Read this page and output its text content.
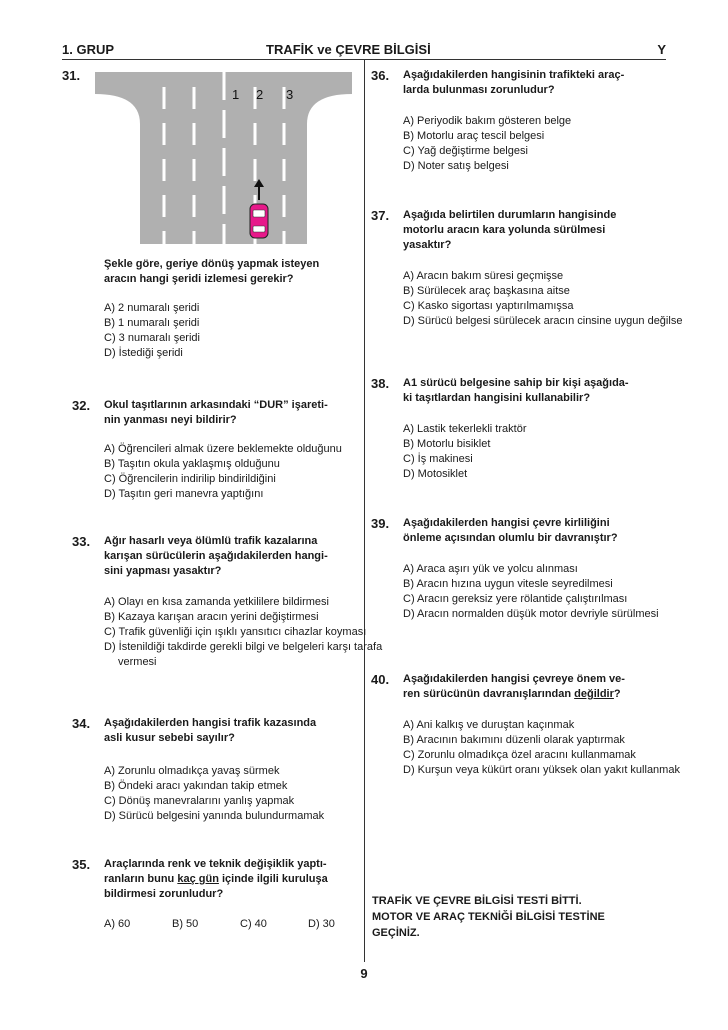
1. GRUP	TRAFİK ve ÇEVRE BİLGİSİ	Y
31.
1 2 3

Şekle göre, geriye dönüş yapmak isteyen
aracın hangi şeridi izlemesi gerekir?

A) 2 numaralı şeridi
B) 1 numaralı şeridi
C) 3 numaralı şeridi
D) İstediği şeridi
32. Okul taşıtlarının arkasındaki “DUR” işareti-
nin yanması neyi bildirir?

A) Öğrencileri almak üzere beklemekte olduğunu
B) Taşıtın okula yaklaşmış olduğunu
C) Öğrencilerin indirilip bindirildiğini
D) Taşıtın geri manevra yaptığını
33. Ağır hasarlı veya ölümlü trafik kazalarına
karışan sürücülerin aşağıdakilerden hangi-
sini yapması yasaktır?

A) Olayı en kısa zamanda yetkililere bildirmesi
B) Kazaya karışan aracın yerini değiştirmesi
C) Trafik güvenliği için ışıklı yansıtıcı cihazlar koyması
D) İstenildiği takdirde gerekli bilgi ve belgeleri karşı tarafa vermesi
34. Aşağıdakilerden hangisi trafik kazasında
asli kusur sebebi sayılır?

A) Zorunlu olmadıkça yavaş sürmek
B) Öndeki aracı yakından takip etmek
C) Dönüş manevralarını yanlış yapmak
D) Sürücü belgesini yanında bulundurmamak
35. Araçlarında renk ve teknik değişiklik yaptı-
ranların bunu kaç gün içinde ilgili kuruluşa
bildirmesi zorunludur?

A) 60	B) 50	C) 40	D) 30
36. Aşağıdakilerden hangisinin trafikteki araç-
larda bulunması zorunludur?

A) Periyodik bakım gösteren belge
B) Motorlu araç tescil belgesi
C) Yağ değiştirme belgesi
D) Noter satış belgesi
37. Aşağıda belirtilen durumların hangisinde
motorlu aracın kara yolunda sürülmesi
yasaktır?

A) Aracın bakım süresi geçmişse
B) Sürülecek araç başkasına aitse
C) Kasko sigortası yaptırılmamışsa
D) Sürücü belgesi sürülecek aracın cinsine uygun değilse
38. A1 sürücü belgesine sahip bir kişi aşağıda-
ki taşıtlardan hangisini kullanabilir?

A) Lastik tekerlekli traktör
B) Motorlu bisiklet
C) İş makinesi
D) Motosiklet
39. Aşağıdakilerden hangisi çevre kirliliğini
önleme açısından olumlu bir davranıştır?

A) Araca aşırı yük ve yolcu alınması
B) Aracın hızına uygun vitesle seyredilmesi
C) Aracın gereksiz yere rölantide çalıştırılması
D) Aracın normalden düşük motor devriyle sürülmesi
40. Aşağıdakilerden hangisi çevreye önem ve-
ren sürücünün davranışlarından değildir?

A) Ani kalkış ve duruştan kaçınmak
B) Aracının bakımını düzenli olarak yaptırmak
C) Zorunlu olmadıkça özel aracını kullanmamak
D) Kurşun veya kükürt oranı yüksek olan yakıt kullanmak
TRAFİK VE ÇEVRE BİLGİSİ TESTİ BİTTİ.
MOTOR VE ARAÇ TEKNİĞİ BİLGİSİ TESTİNE
GEÇİNİZ.
9
